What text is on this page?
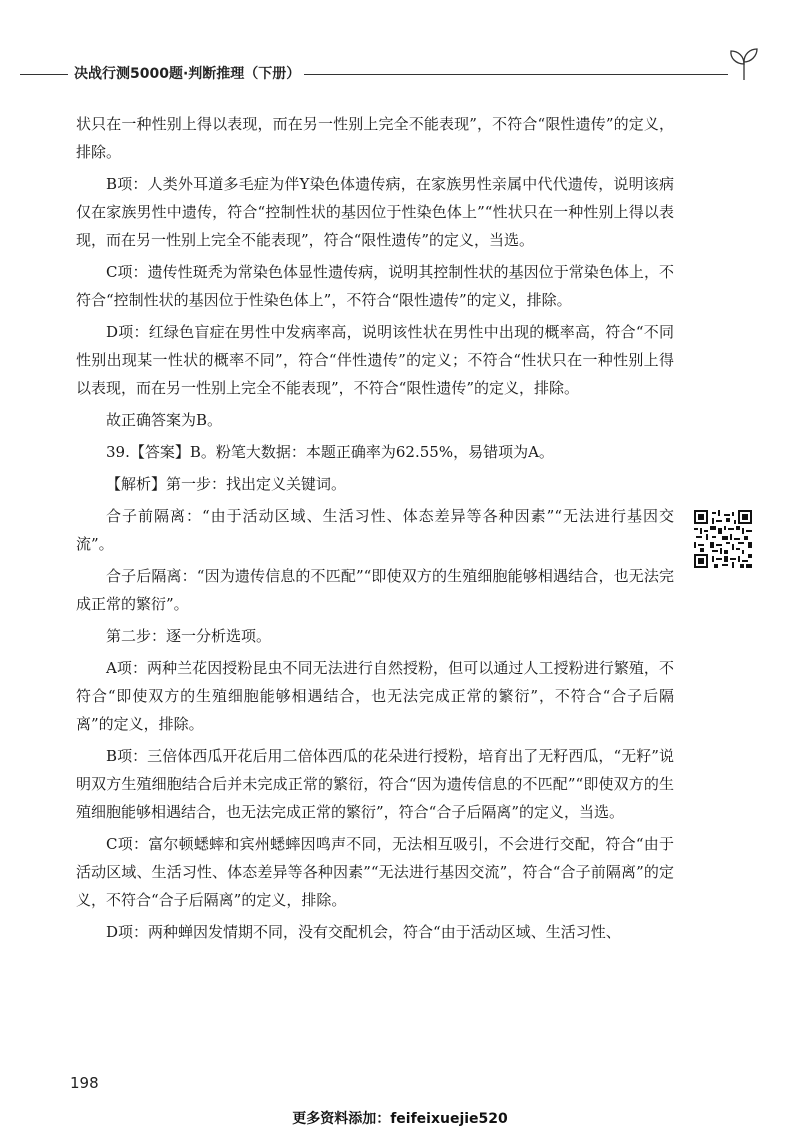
决战行测5000题·判断推理（下册）

状只在一种性别上得以表现，而在另一性别上完全不能表现”，不符合“限性遗传”的定义，排除。

B项：人类外耳道多毛症为伴Y染色体遗传病，在家族男性亲属中代代遗传，说明该病仅在家族男性中遗传，符合“控制性状的基因位于性染色体上”“性状只在一种性别上得以表现，而在另一性别上完全不能表现”，符合“限性遗传”的定义，当选。

C项：遗传性斑秃为常染色体显性遗传病，说明其控制性状的基因位于常染色体上，不符合“控制性状的基因位于性染色体上”，不符合“限性遗传”的定义，排除。

D项：红绿色盲症在男性中发病率高，说明该性状在男性中出现的概率高，符合“不同性别出现某一性状的概率不同”，符合“伴性遗传”的定义；不符合“性状只在一种性别上得以表现，而在另一性别上完全不能表现”，不符合“限性遗传”的定义，排除。

故正确答案为B。

39.【答案】B。粉笔大数据：本题正确率为62.55%，易错项为A。

【解析】第一步：找出定义关键词。

合子前隔离：“由于活动区域、生活习性、体态差异等各种因素”“无法进行基因交流”。

合子后隔离：“因为遗传信息的不匹配”“即使双方的生殖细胞能够相遇结合，也无法完成正常的繁衍”。

第二步：逐一分析选项。

A项：两种兰花因授粉昆虫不同无法进行自然授粉，但可以通过人工授粉进行繁殖，不符合“即使双方的生殖细胞能够相遇结合，也无法完成正常的繁衍”，不符合“合子后隔离”的定义，排除。

B项：三倍体西瓜开花后用二倍体西瓜的花朵进行授粉，培育出了无籽西瓜，“无籽”说明双方生殖细胞结合后并未完成正常的繁衍，符合“因为遗传信息的不匹配”“即使双方的生殖细胞能够相遇结合，也无法完成正常的繁衍”，符合“合子后隔离”的定义，当选。

C项：富尔顿蟋蟀和宾州蟋蟀因鸣声不同，无法相互吸引，不会进行交配，符合“由于活动区域、生活习性、体态差异等各种因素”“无法进行基因交流”，符合“合子前隔离”的定义，不符合“合子后隔离”的定义，排除。

D项：两种蝉因发情期不同，没有交配机会，符合“由于活动区域、生活习性、

198
更多资料添加：feifeixuejie520
